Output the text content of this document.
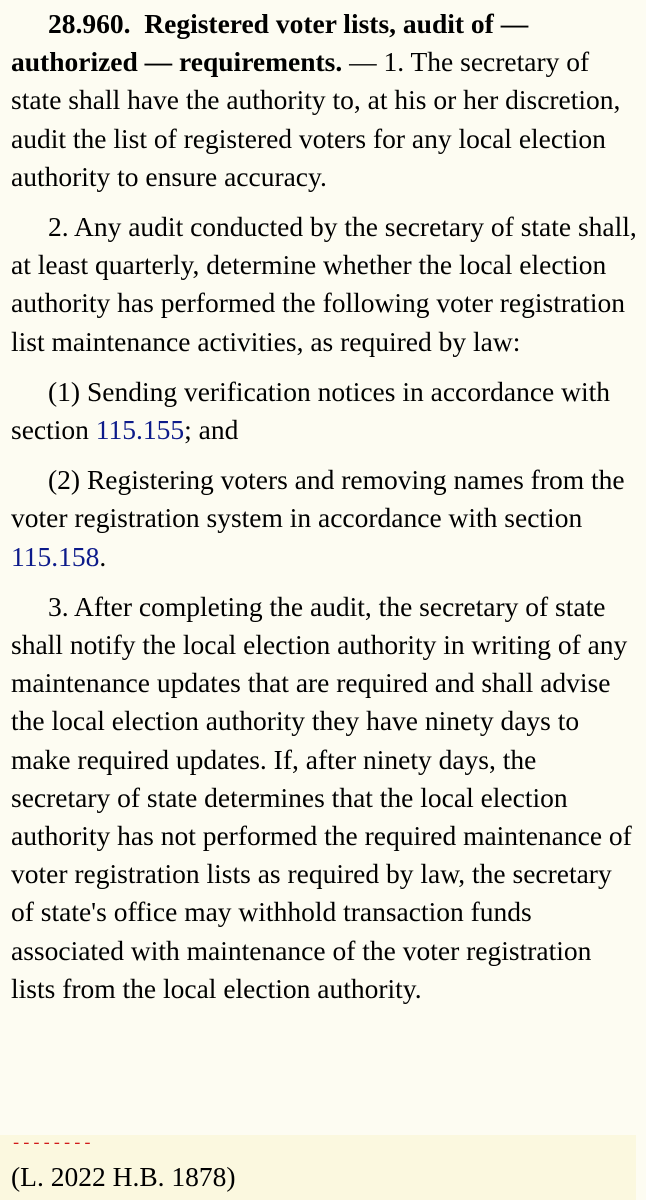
28.960. Registered voter lists, audit of — authorized — requirements. — 1. The secretary of state shall have the authority to, at his or her discretion, audit the list of registered voters for any local election authority to ensure accuracy.

2. Any audit conducted by the secretary of state shall, at least quarterly, determine whether the local election authority has performed the following voter registration list maintenance activities, as required by law:

(1) Sending verification notices in accordance with section 115.155; and

(2) Registering voters and removing names from the voter registration system in accordance with section 115.158.

3. After completing the audit, the secretary of state shall notify the local election authority in writing of any maintenance updates that are required and shall advise the local election authority they have ninety days to make required updates. If, after ninety days, the secretary of state determines that the local election authority has not performed the required maintenance of voter registration lists as required by law, the secretary of state's office may withhold transaction funds associated with maintenance of the voter registration lists from the local election authority.

--------
(L. 2022 H.B. 1878)
